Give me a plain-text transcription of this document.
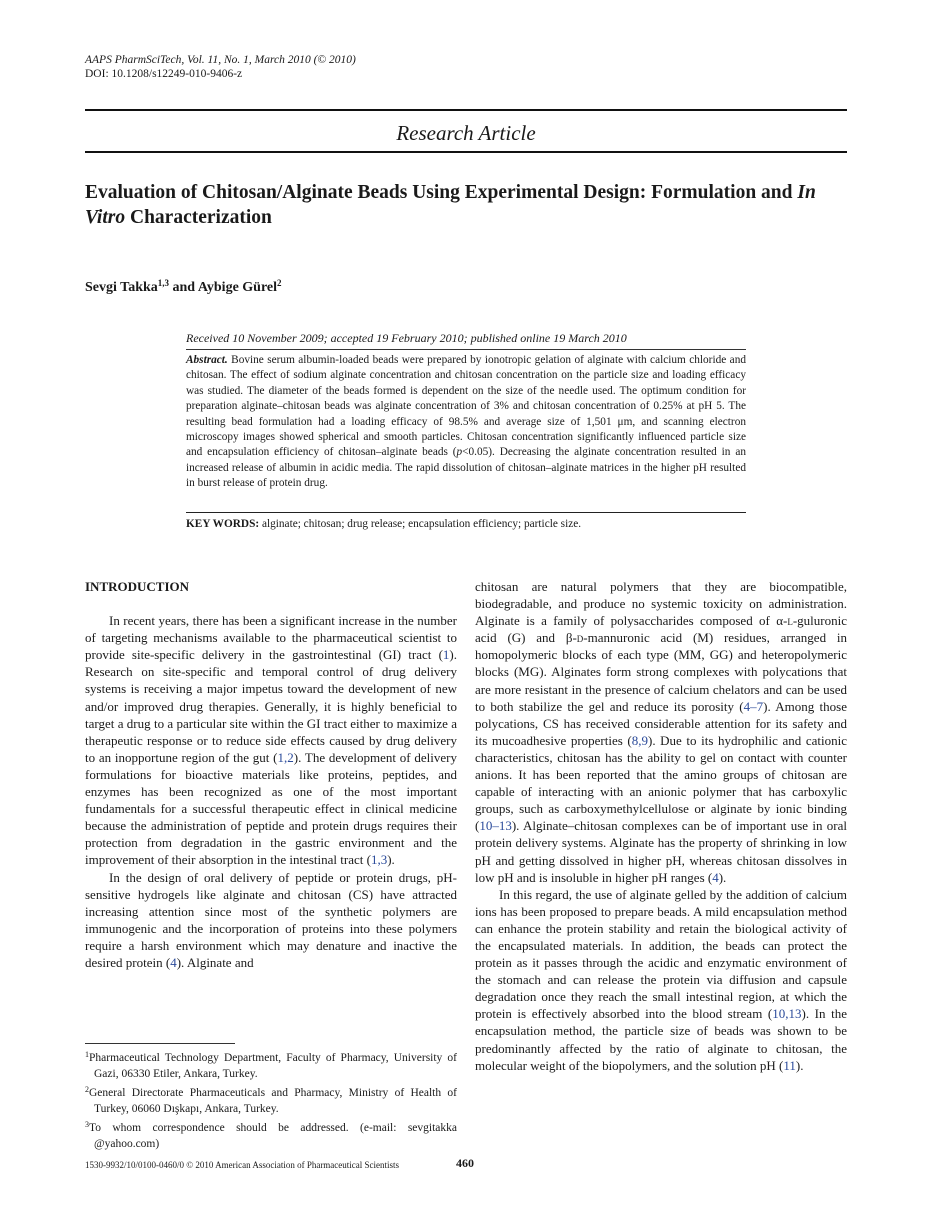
AAPS PharmSciTech, Vol. 11, No. 1, March 2010 (© 2010)
DOI: 10.1208/s12249-010-9406-z
Research Article
Evaluation of Chitosan/Alginate Beads Using Experimental Design: Formulation and In Vitro Characterization
Sevgi Takka$^{1,3}$ and Aybige Gürel$^2$
Received 10 November 2009; accepted 19 February 2010; published online 19 March 2010
Abstract. Bovine serum albumin-loaded beads were prepared by ionotropic gelation of alginate with calcium chloride and chitosan. The effect of sodium alginate concentration and chitosan concentration on the particle size and loading efficacy was studied. The diameter of the beads formed is dependent on the size of the needle used. The optimum condition for preparation alginate–chitosan beads was alginate concentration of 3% and chitosan concentration of 0.25% at pH 5. The resulting bead formulation had a loading efficacy of 98.5% and average size of 1,501 μm, and scanning electron microscopy images showed spherical and smooth particles. Chitosan concentration significantly influenced particle size and encapsulation efficiency of chitosan–alginate beads (p<0.05). Decreasing the alginate concentration resulted in an increased release of albumin in acidic media. The rapid dissolution of chitosan–alginate matrices in the higher pH resulted in burst release of protein drug.
KEY WORDS: alginate; chitosan; drug release; encapsulation efficiency; particle size.

INTRODUCTION

In recent years, there has been a significant increase in the number of targeting mechanisms available to the pharmaceutical scientist to provide site-specific delivery in the gastrointestinal (GI) tract (1). Research on site-specific and temporal control of drug delivery systems is receiving a major impetus toward the development of new and/or improved drug therapies. Generally, it is highly beneficial to target a drug to a particular site within the GI tract either to maximize a therapeutic response or to reduce side effects caused by drug delivery to an inopportune region of the gut (1,2). The development of delivery formulations for bioactive materials like proteins, peptides, and enzymes has been recognized as one of the most important fundamentals for a successful therapeutic effect in clinical medicine because the administration of peptide and protein drugs requires their protection from degradation in the gastric environment and the improvement of their absorption in the intestinal tract (1,3).

In the design of oral delivery of peptide or protein drugs, pH-sensitive hydrogels like alginate and chitosan (CS) have attracted increasing attention since most of the synthetic polymers are immunogenic and the incorporation of proteins into these polymers require a harsh environment which may denature and inactive the desired protein (4). Alginate and

chitosan are natural polymers that they are biocompatible, biodegradable, and produce no systemic toxicity on administration. Alginate is a family of polysaccharides composed of α-l-guluronic acid (G) and β-d-mannuronic acid (M) residues, arranged in homopolymeric blocks of each type (MM, GG) and heteropolymeric blocks (MG). Alginates form strong complexes with polycations that are more resistant in the presence of calcium chelators and can be used to both stabilize the gel and reduce its porosity (4–7). Among those polycations, CS has received considerable attention for its safety and its mucoadhesive properties (8,9). Due to its hydrophilic and cationic characteristics, chitosan has the ability to gel on contact with counter anions. It has been reported that the amino groups of chitosan are capable of interacting with an anionic polymer that has carboxylic groups, such as carboxymethylcellulose or alginate by ionic binding (10–13). Alginate–chitosan complexes can be of important use in oral protein delivery systems. Alginate has the property of shrinking in low pH and getting dissolved in higher pH, whereas chitosan dissolves in low pH and is insoluble in higher pH ranges (4).

In this regard, the use of alginate gelled by the addition of calcium ions has been proposed to prepare beads. A mild encapsulation method can enhance the protein stability and retain the biological activity of the encapsulated materials. In addition, the beads can protect the protein as it passes through the acidic and enzymatic environment of the stomach and can release the protein via diffusion and capsule degradation once they reach the small intestinal region, at which the protein is effectively absorbed into the blood stream (10,13). In the encapsulation method, the particle size of beads was shown to be predominantly affected by the ratio of alginate to chitosan, the molecular weight of the biopolymers, and the solution pH (11).

$^1$Pharmaceutical Technology Department, Faculty of Pharmacy, University of Gazi, 06330 Etiler, Ankara, Turkey.
$^2$General Directorate Pharmaceuticals and Pharmacy, Ministry of Health of Turkey, 06060 Dışkapı, Ankara, Turkey.
$^3$To whom correspondence should be addressed. (e-mail: sevgitakka @yahoo.com)
1530-9932/10/0100-0460/0 © 2010 American Association of Pharmaceutical Scientists	460
